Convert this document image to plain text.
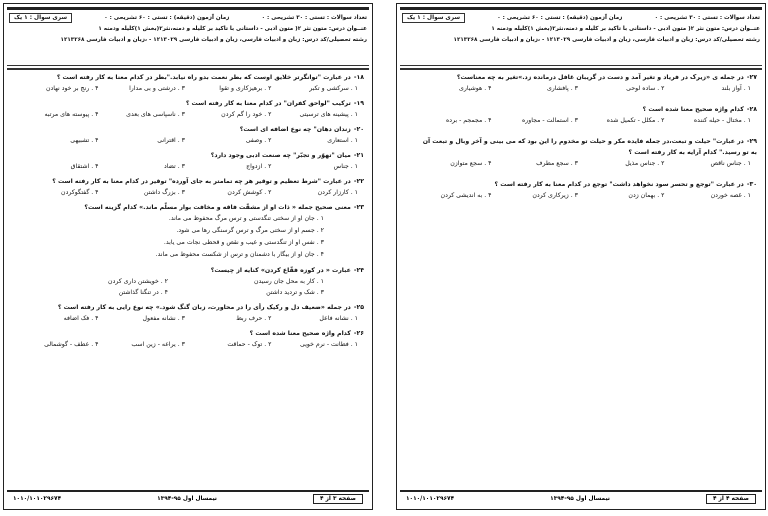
تعداد سوالات : تستی : ۳۰ تشریحی : ۰
زمان آزمون (دقیقه) : تستی : ۶۰ تشریحی : ۰
سری سوال : ۱ یک
عنــوان درس: متون نثر ۲( متون ادبی - داستانی با تاکید بر کلیله و دمنه،نثر۲(بخش ۱)کلیله ودمنه ۱
رشته تحصیلی/کد درس: زبان و ادبیات فارسی، زبان و ادبیات فارسی ۱۲۱۳۰۲۹ - ،زبان و ادبیات فارسی ۱۲۱۳۲۶۸
۱۸-در عبارت "توانگرتر خلایق اوست که بطر نعمت بدو راه نیابد."بطر در کدام معنا به کار رفته است ؟
۱ . سرکشی و تکبر
۲ . برهیزکاری و تقوا
۳ . درشتی و بی مدارا
۴ . رنج بر خود نهادن
۱۹-ترکیب "لواحق کفران" در کدام معنا به کار رفته است ؟
۱ . پیشینه های ترسیتی
۲ . خود را گم کردن
۳ . ناسپاسی های بعدی
۴ . پیوسته های مرتبه
۲۰-زندان دهان" چه نوع اضافه ای است؟
۱ . استعاری
۲ . وصفی
۳ . اقترانی
۴ . تشبیهی
۲۱-میان "تهوّر و تجبّر" چه صنعت ادبی وجود دارد؟
۱ . جناس
۲ . ازدواج
۳ . تضاد
۴ . اشتقاق
۲۲-در عبارت "شرط تعظیم و توقیر هر چه تمامتر به جای آورده" توقیر در کدام معنا به کار رفته است ؟
۱ . کارزار کردن
۲ . کوشش کردن
۳ . بزرگ داشتن
۴ . گفتگوکردن
۲۳-معنی صحیح جمله « ذات او از مشقّت فاقه و مخافت بوار مسلّم ماند.» کدام گزینه است؟
۱ . جان او از سختی تنگدستی و ترس مرگ محفوظ می ماند.
۲ . جسم او از سختی مرگ و ترس گرسنگی رها می شود.
۳ . نفس او از تنگدستی و عیب و نقص و قحطی نجات می یابد.
۴ . جان او از بیگار با دشمنان و ترس از شکست محفوظ می ماند.
۲۴-عبارت « در کوزه فقّاع کردن» کنایه از چیست؟
۱ . کار به محل جان رسیدن
۲ . خویشتن داری کردن
۳ . شک و تردید داشتن
۴ . در تنگنا گذاشتن
۲۵-در جمله «ضعیف دل و رکیک رأی را در محاورت، زبان گنگ شود.» چه نوع رایی به کار رفته است ؟
۱ . نشانه فاعل
۲ . حرف ربط
۳ . نشانه مفعول
۴ . فک اضافه
۲۶-کدام واژه صحیح معنا شده است ؟
۱ . فطانت - نرم خویی
۲ . توک - حماقت
۳ . یراعه - زین اسب
۴ . عطف - گوشمالی
صفحه ۳ از ۴
نیمسال اول ۹۵-۱۳۹۴
۱۰۱۰/۱۰۱۰۲۹۶۷۴
تعداد سوالات : تستی : ۳۰ تشریحی : ۰
زمان آزمون (دقیقه) : تستی : ۶۰ تشریحی : ۰
سری سوال : ۱ یک
عنــوان درس: متون نثر ۲( متون ادبی - داستانی با تاکید بر کلیله و دمنه،نثر۲(بخش ۱)کلیله ودمنه ۱
رشته تحصیلی/کد درس: زبان و ادبیات فارسی، زبان و ادبیات فارسی ۱۲۱۳۰۲۹ - ،زبان و ادبیات فارسی ۱۲۱۳۲۶۸
۲۷-در جمله ی «زیرک در فریاد و تغیر آمد و دست در گریبان غافل درمانده زد.»تغیر به چه معناست؟
۱ . آواز بلند
۲ . ساده لوحی
۳ . پافشاری
۴ . هوشیاری
۲۸-کدام واژه صحیح معنا شده است ؟
۱ . مختال - حیله کننده
۲ . مکلل - تکمیل شده
۳ . استمالت - مجاوره
۴ . مجمجم - برده
۲۹-در عبارت" حیلت و تبعت،در جمله فایده مکر و حیلت تو مخدوم را این بود که می بینی و آخر وبال و تبعت آن
به تو رسید." کدام آرایه به کار رفته است ؟
۱ . جناس ناقص
۲ . جناس مذیل
۳ . سجع مطرف
۴ . سجع متوازن
۳۰-در عبارت "توجع و تحسر سود نخواهد داشت" توجع در کدام معنا به کار رفته است ؟
۱ . غصه خوردن
۲ . بهمان زدن
۳ . زیرکاری کردن
۴ . به اندیشی کردن
صفحه ۴ از ۴
نیمسال اول ۹۵-۱۳۹۴
۱۰۱۰/۱۰۱۰۲۹۶۷۴
